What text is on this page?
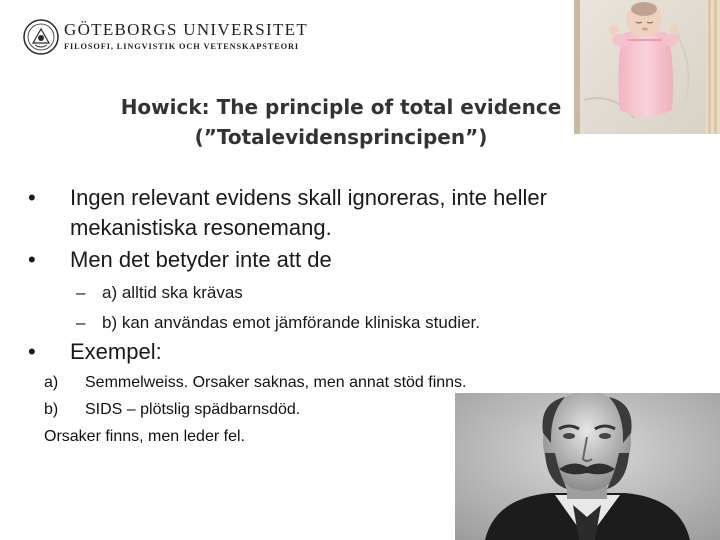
GÖTEBORGS UNIVERSITET
FILOSOFI, LINGVISTIK OCH VETENSKAPSTEORI
Howick: The principle of total evidence
(”Totalevidensprincipen”)
• Ingen relevant evidens skall ignoreras, inte heller
mekanistiska resonemang.
• Men det betyder inte att de
– a) alltid ska krävas
– b) kan användas emot jämförande kliniska studier.
• Exempel:
a) Semmelweiss. Orsaker saknas, men annat stöd finns.
b) SIDS – plötslig spädbarnsdöd.
Orsaker finns, men leder fel.
